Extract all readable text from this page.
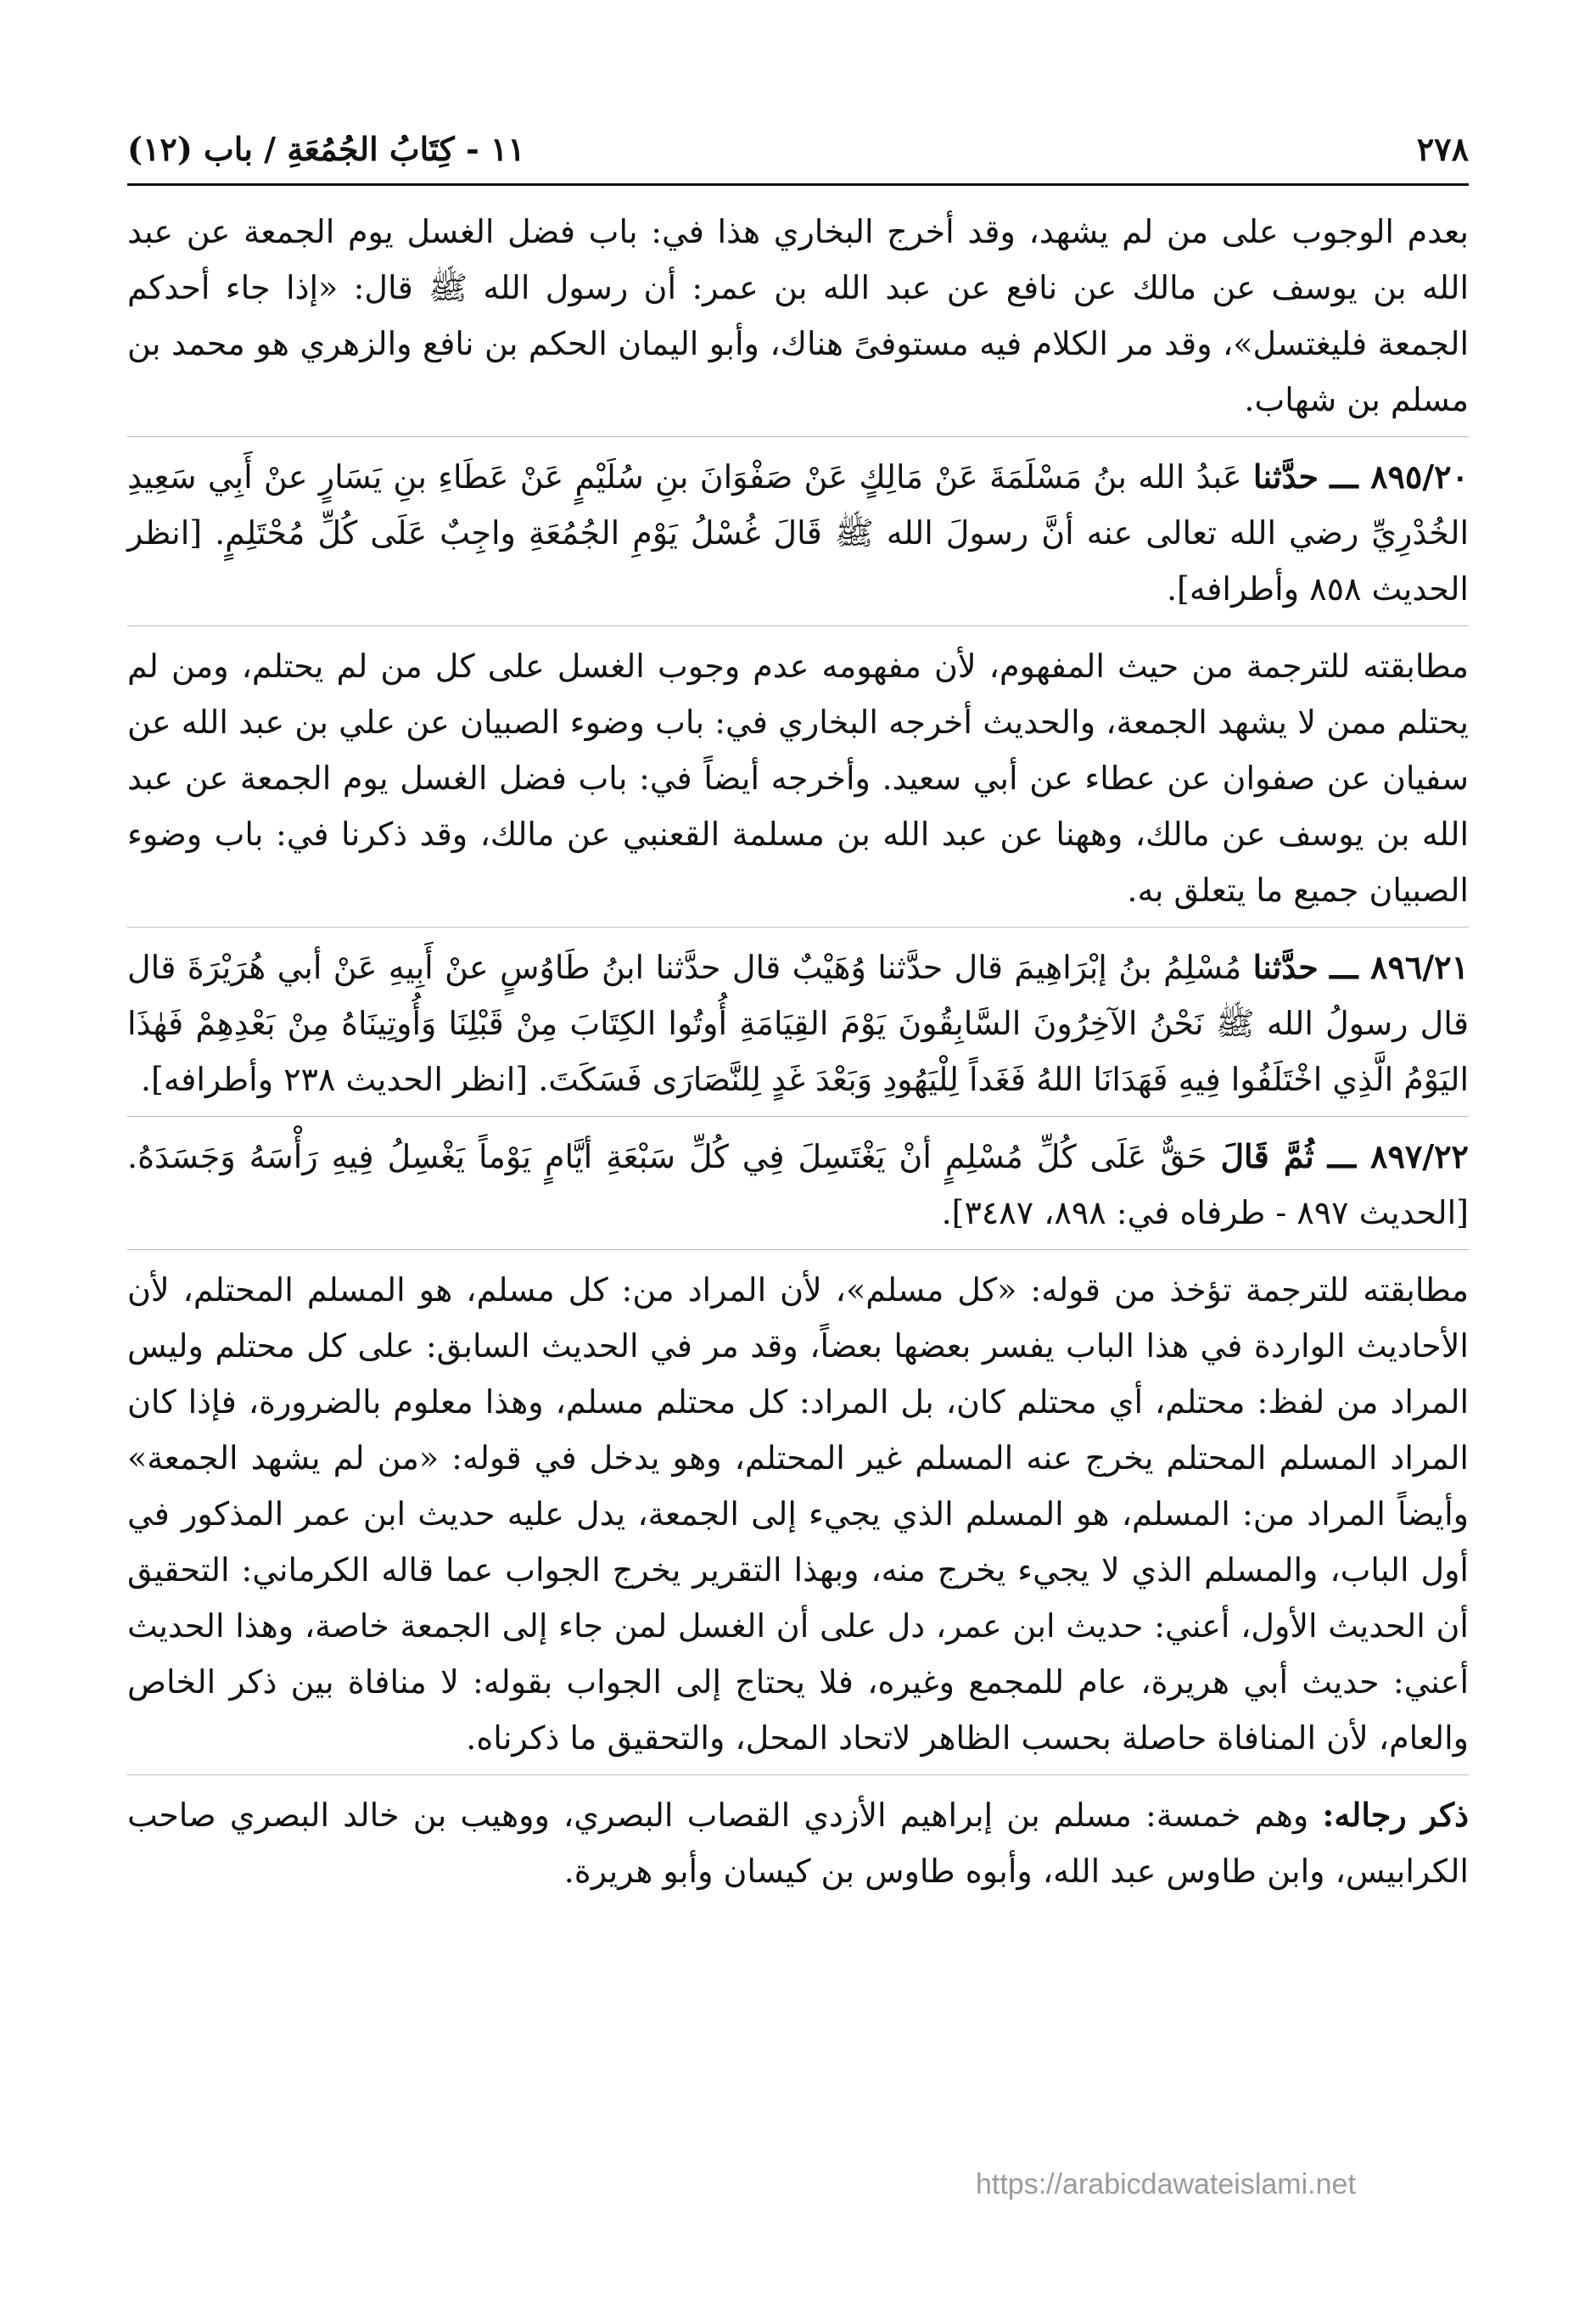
٢٧٨
١١ - كِتَابُ الجُمُعَةِ / باب (١٢)

بعدم الوجوب على من لم يشهد، وقد أخرج البخاري هذا في: باب فضل الغسل يوم الجمعة عن عبد الله بن يوسف عن مالك عن نافع عن عبد الله بن عمر: أن رسول الله ﷺ قال: «إذا جاء أحدكم الجمعة فليغتسل»، وقد مر الكلام فيه مستوفىً هناك، وأبو اليمان الحكم بن نافع والزهري هو محمد بن مسلم بن شهاب.

٨٩٥/٢٠ ـــ حدَّثنا عَبدُ الله بنُ مَسْلَمَةَ عَنْ مَالِكٍ عَنْ صَفْوَانَ بنِ سُلَيْمٍ عَنْ عَطَاءِ بنِ يَسَارٍ عنْ أَبِي سَعِيدِ الخُدْرِيِّ رضي الله تعالى عنه أنَّ رسولَ الله ﷺ قَالَ غُسْلُ يَوْمِ الجُمُعَةِ واجِبٌ عَلَى كُلِّ مُحْتَلِمٍ. [انظر الحديث ٨٥٨ وأطرافه].

مطابقته للترجمة من حيث المفهوم، لأن مفهومه عدم وجوب الغسل على كل من لم يحتلم، ومن لم يحتلم ممن لا يشهد الجمعة، والحديث أخرجه البخاري في: باب وضوء الصبيان عن علي بن عبد الله عن سفيان عن صفوان عن عطاء عن أبي سعيد. وأخرجه أيضاً في: باب فضل الغسل يوم الجمعة عن عبد الله بن يوسف عن مالك، وههنا عن عبد الله بن مسلمة القعنبي عن مالك، وقد ذكرنا في: باب وضوء الصبيان جميع ما يتعلق به.

٨٩٦/٢١ ـــ حدَّثنا مُسْلِمُ بنُ إبْرَاهِيمَ قال حدَّثنا وُهَيْبٌ قال حدَّثنا ابنُ طَاوُسٍ عنْ أَبِيهِ عَنْ أبي هُرَيْرَةَ قال قال رسولُ الله ﷺ نَحْنُ الآخِرُونَ السَّابِقُونَ يَوْمَ القِيَامَةِ أُوتُوا الكِتَابَ مِنْ قَبْلِنَا وَأُوتِينَاهُ مِنْ بَعْدِهِمْ فَهٰذَا اليَوْمُ الَّذِي اخْتَلَفُوا فِيهِ فَهَدَانَا اللهُ فَغَداً لِلْيَهُودِ وَبَعْدَ غَدٍ لِلنَّصَارَى فَسَكَتَ. [انظر الحديث ٢٣٨ وأطرافه].

٨٩٧/٢٢ ـــ ثُمَّ قَالَ حَقٌّ عَلَى كُلِّ مُسْلِمٍ أنْ يَغْتَسِلَ فِي كُلِّ سَبْعَةِ أيَّامٍ يَوْماً يَغْسِلُ فِيهِ رَأْسَهُ وَجَسَدَهُ. [الحديث ٨٩٧ - طرفاه في: ٨٩٨، ٣٤٨٧].

مطابقته للترجمة تؤخذ من قوله: «كل مسلم»، لأن المراد من: كل مسلم، هو المسلم المحتلم، لأن الأحاديث الواردة في هذا الباب يفسر بعضها بعضاً، وقد مر في الحديث السابق: على كل محتلم وليس المراد من لفظ: محتلم، أي محتلم كان، بل المراد: كل محتلم مسلم، وهذا معلوم بالضرورة، فإذا كان المراد المسلم المحتلم يخرج عنه المسلم غير المحتلم، وهو يدخل في قوله: «من لم يشهد الجمعة» وأيضاً المراد من: المسلم، هو المسلم الذي يجيء إلى الجمعة، يدل عليه حديث ابن عمر المذكور في أول الباب، والمسلم الذي لا يجيء يخرج منه، وبهذا التقرير يخرج الجواب عما قاله الكرماني: التحقيق أن الحديث الأول، أعني: حديث ابن عمر، دل على أن الغسل لمن جاء إلى الجمعة خاصة، وهذا الحديث أعني: حديث أبي هريرة، عام للمجمع وغيره، فلا يحتاج إلى الجواب بقوله: لا منافاة بين ذكر الخاص والعام، لأن المنافاة حاصلة بحسب الظاهر لاتحاد المحل، والتحقيق ما ذكرناه.

ذكر رجاله: وهم خمسة: مسلم بن إبراهيم الأزدي القصاب البصري، ووهيب بن خالد البصري صاحب الكرابيس، وابن طاوس عبد الله، وأبوه طاوس بن كيسان وأبو هريرة.

https://arabicdawateislami.net
